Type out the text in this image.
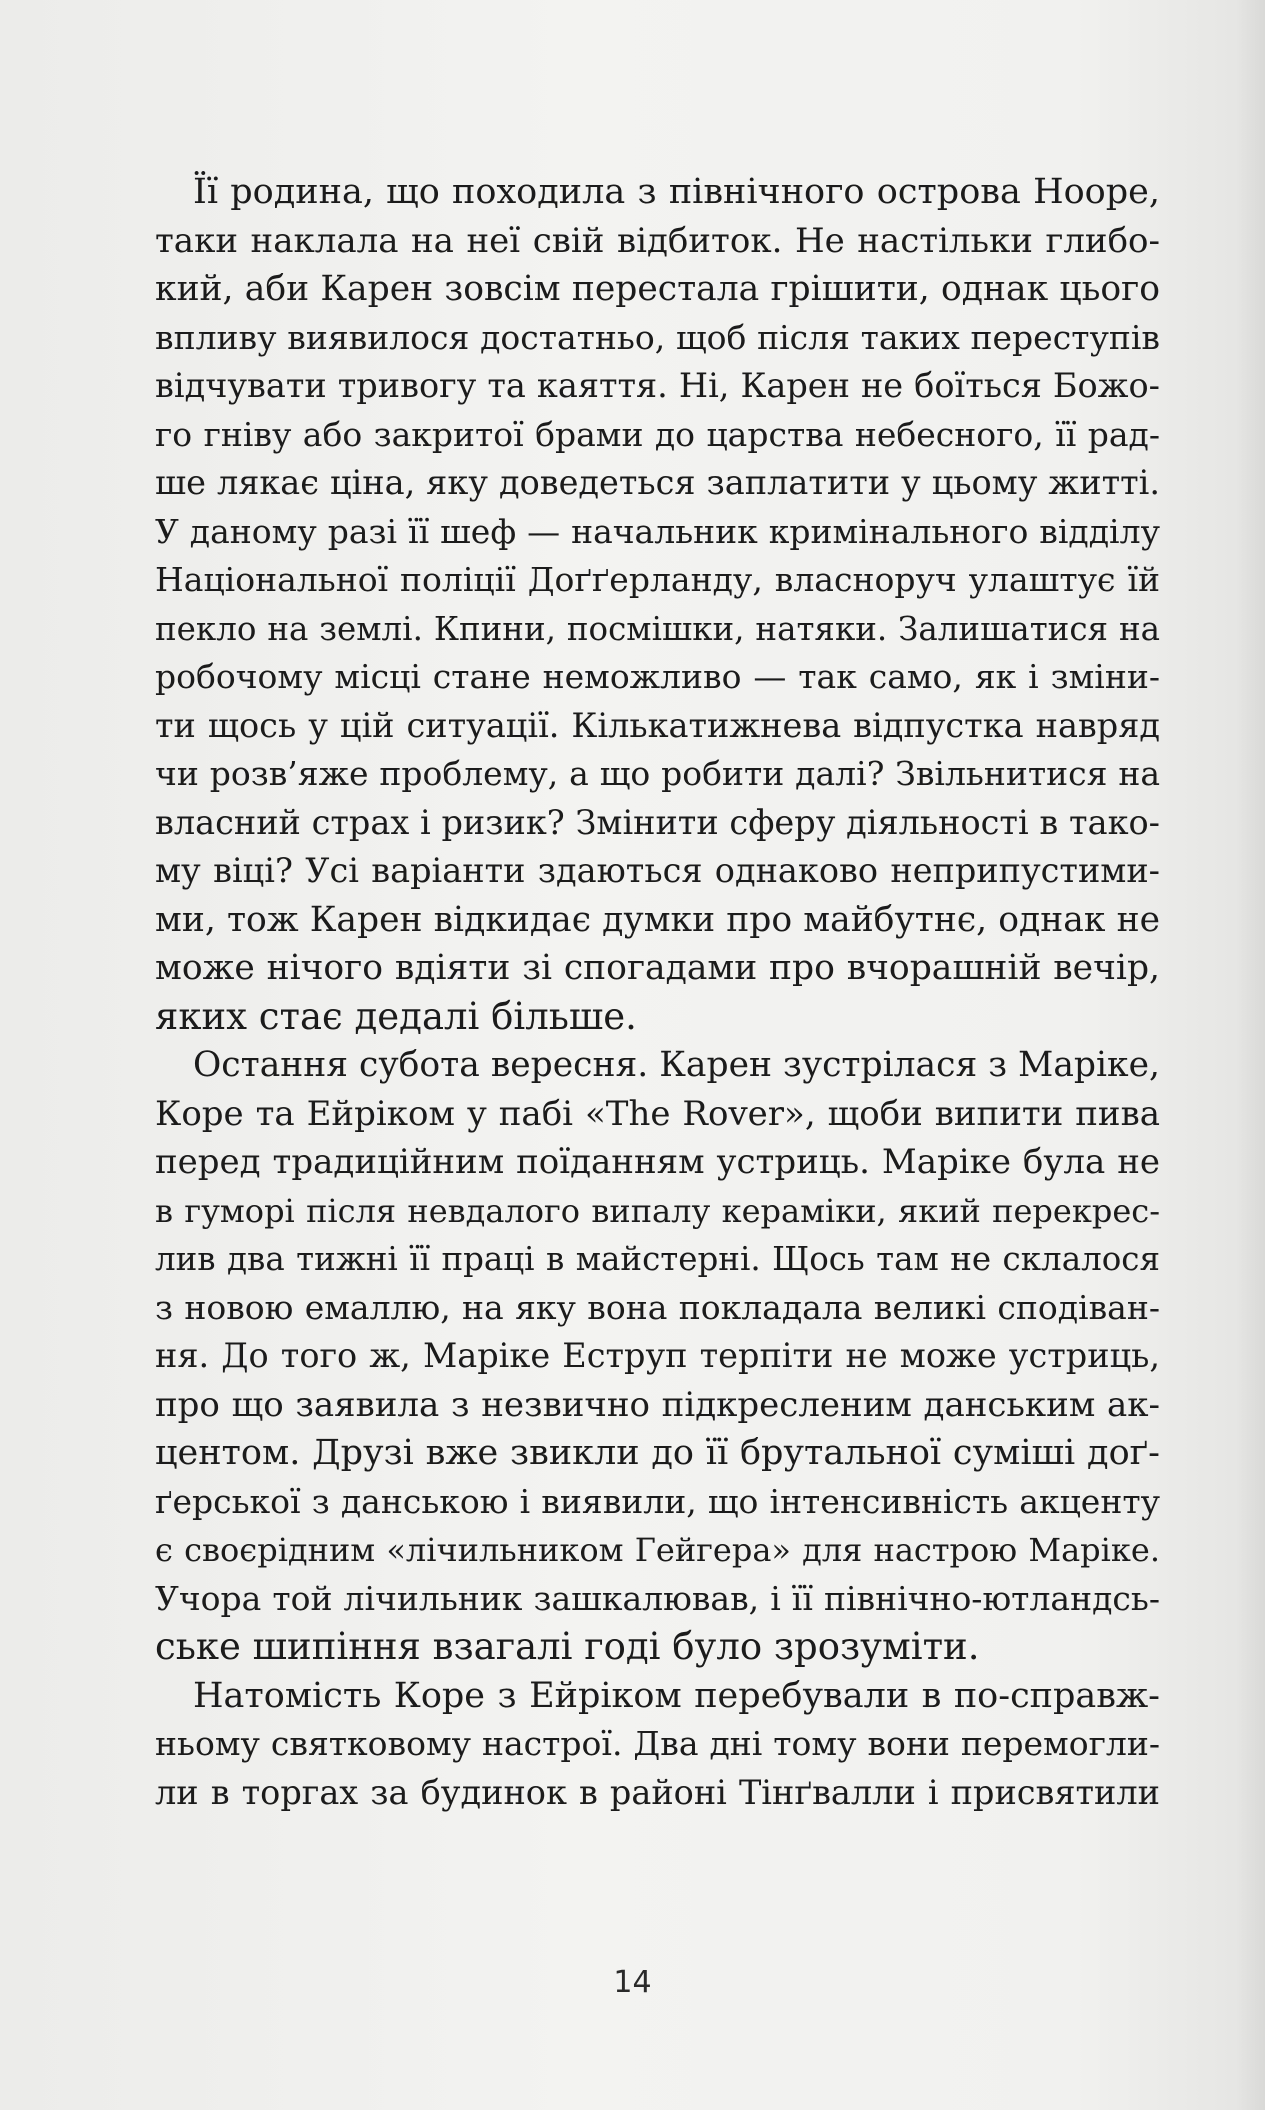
Її родина, що походила з північного острова Нооре,
таки наклала на неї свій відбиток. Не настільки глибо-
кий, аби Карен зовсім перестала грішити, однак цього
впливу виявилося достатньо, щоб після таких переступів
відчувати тривогу та каяття. Ні, Карен не боїться Божо-
го гніву або закритої брами до царства небесного, її рад-
ше лякає ціна, яку доведеться заплатити у цьому житті.
У даному разі її шеф — начальник кримінального відділу
Національної поліції Доґґерланду, власноруч улаштує їй
пекло на землі. Кпини, посмішки, натяки. Залишатися на
робочому місці стане неможливо — так само, як і зміни-
ти щось у цій ситуації. Кількатижнева відпустка навряд
чи розв’яже проблему, а що робити далі? Звільнитися на
власний страх і ризик? Змінити сферу діяльності в тако-
му віці? Усі варіанти здаються однаково неприпустими-
ми, тож Карен відкидає думки про майбутнє, однак не
може нічого вдіяти зі спогадами про вчорашній вечір,
яких стає дедалі більше.
Остання субота вересня. Карен зустрілася з Маріке,
Коре та Ейріком у пабі «The Rover», щоби випити пива
перед традиційним поїданням устриць. Маріке була не
в гуморі після невдалого випалу кераміки, який перекрес-
лив два тижні її праці в майстерні. Щось там не склалося
з новою емаллю, на яку вона покладала великі сподіван-
ня. До того ж, Маріке Еструп терпіти не може устриць,
про що заявила з незвично підкресленим данським ак-
центом. Друзі вже звикли до її брутальної суміші доґ-
ґерської з данською і виявили, що інтенсивність акценту
є своєрідним «лічильником Гейгера» для настрою Маріке.
Учора той лічильник зашкалював, і її північно-ютландсь-
ське шипіння взагалі годі було зрозуміти.
Натомість Коре з Ейріком перебували в по-справж-
ньому святковому настрої. Два дні тому вони перемогли-
ли в торгах за будинок в районі Тінґвалли і присвятили
14
